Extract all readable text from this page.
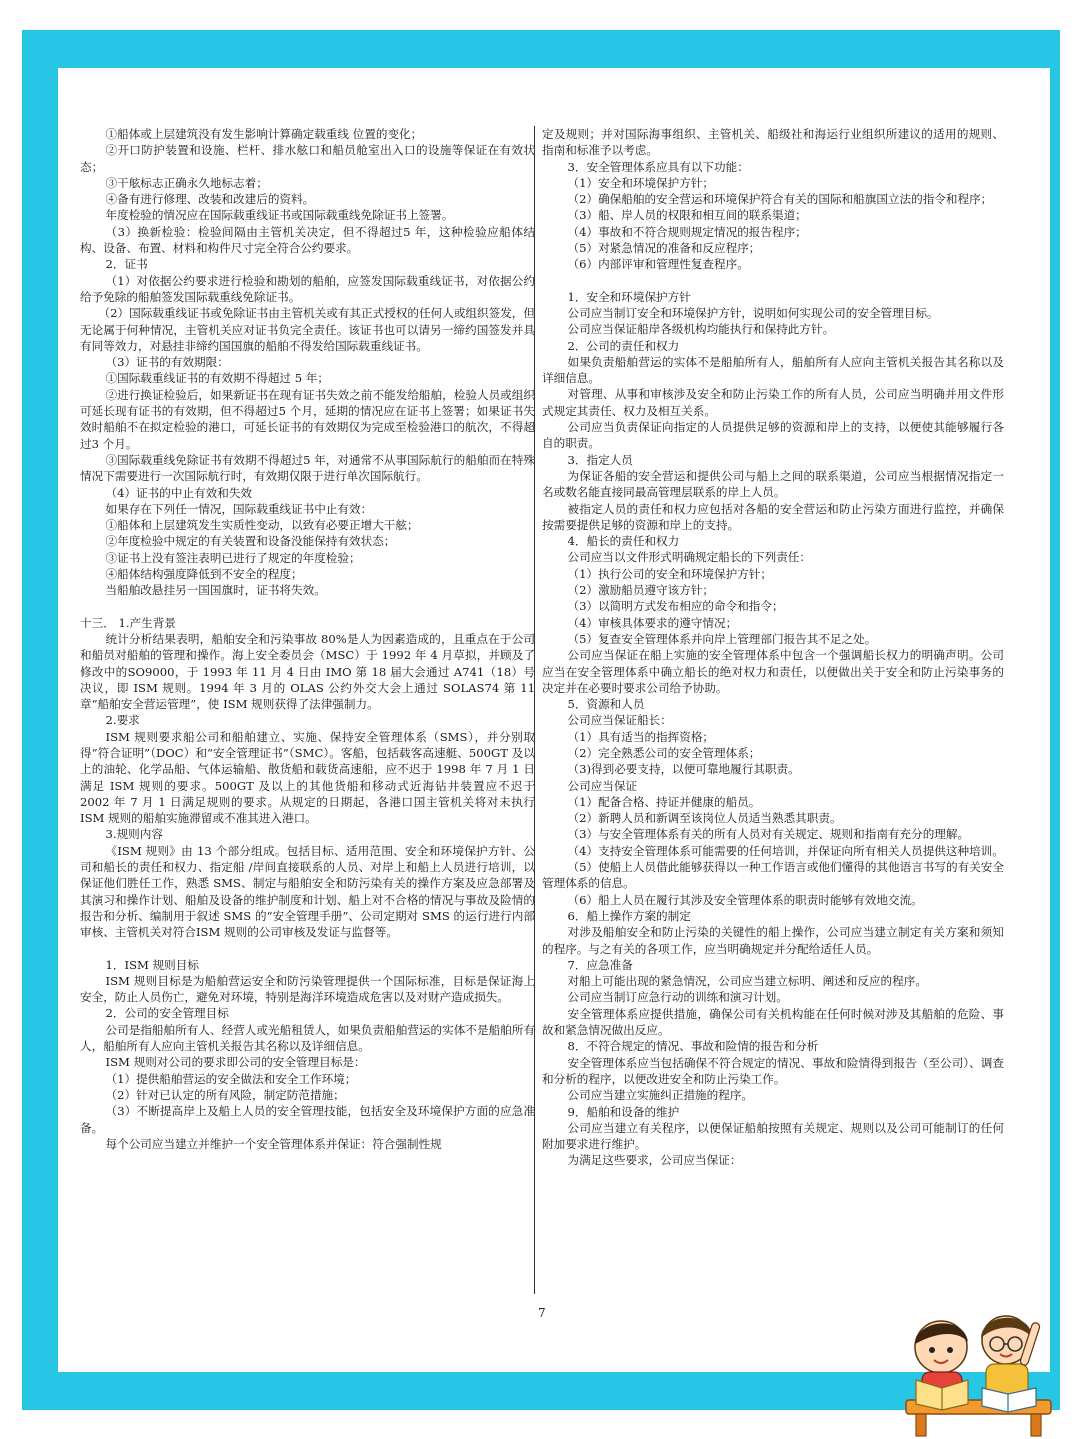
①船体或上层建筑没有发生影响计算确定载重线 位置的变化；

②开口防护装置和设施、栏杆、排水舷口和船员舱室出入口的设施等保证在有效状态；

③干舷标志正确永久地标志着；

④备有进行修理、改装和改建后的资料。

年度检验的情况应在国际载重线证书或国际载重线免除证书上签署。

（3）换新检验：检验间隔由主管机关决定，但不得超过5 年，这种检验应船体结构、设备、布置、材料和构件尺寸完全符合公约要求。

2．证书

（1）对依据公约要求进行检验和勘划的船舶，应签发国际载重线证书，对依据公约给予免除的船舶签发国际载重线免除证书。

（2）国际载重线证书或免除证书由主管机关或有其正式授权的任何人或组织签发，但无论属于何种情况，主管机关应对证书负完全责任。该证书也可以请另一缔约国签发并具有同等效力，对悬挂非缔约国国旗的船舶不得发给国际载重线证书。

（3）证书的有效期限：

①国际载重线证书的有效期不得超过 5 年；

②进行换证检验后，如果新证书在现有证书失效之前不能发给船舶，检验人员或组织可延长现有证书的有效期，但不得超过5 个月，延期的情况应在证书上签署；如果证书失效时船舶不在拟定检验的港口，可延长证书的有效期仅为完成至检验港口的航次，不得超过3 个月。

③国际载重线免除证书有效期不得超过5 年，对通常不从事国际航行的船舶而在特殊情况下需要进行一次国际航行时，有效期仅限于进行单次国际航行。

（4）证书的中止有效和失效

如果存在下列任一情况，国际载重线证书中止有效：

①船体和上层建筑发生实质性变动，以致有必要正增大干舷；

②年度检验中规定的有关装置和设备没能保持有效状态；

③证书上没有签注表明已进行了规定的年度检验；

④船体结构强度降低到不安全的程度；

当船舶改悬挂另一国国旗时，证书将失效。

十三． 1.产生背景

统计分析结果表明，船舶安全和污染事故 80%是人为因素造成的，且重点在于公司和船员对船舶的管理和操作。海上安全委员会（MSC）于 1992 年 4 月草拟，并顾及了修改中的SO9000，于 1993 年 11 月 4 日由 IMO 第 18 届大会通过 A741（18）号决议，即 ISM 规则。1994 年 3 月的 OLAS 公约外交大会上通过 SOLAS74 第 11 章“船舶安全营运管理”，使 ISM 规则获得了法律强制力。

2.要求

ISM 规则要求船公司和船舶建立、实施、保持安全管理体系（SMS），并分别取得“符合证明”（DOC）和“安全管理证书”（SMC）。客船，包括载客高速艇、500GT 及以上的油轮、化学品船、气体运输船、散货船和载货高速船，应不迟于 1998 年 7 月 1 日满足 ISM 规则的要求。500GT 及以上的其他货船和移动式近海钻井装置应不迟于 2002 年 7 月 1 日满足规则的要求。从规定的日期起，各港口国主管机关将对未执行 ISM 规则的船舶实施滞留或不准其进入港口。

3.规则内容

《ISM 规则》由 13 个部分组成。包括目标、适用范围、安全和环境保护方针、公司和船长的责任和权力、指定船 /岸间直接联系的人员、对岸上和船上人员进行培训，以保证他们胜任工作，熟悉 SMS、制定与船舶安全和防污染有关的操作方案及应急部署及其演习和操作计划、船舶及设备的维护制度和计划、船上对不合格的情况与事故及险情的报告和分析、编制用于叙述 SMS 的“安全管理手册”、公司定期对 SMS 的运行进行内部审核、主管机关对符合ISM 规则的公司审核及发证与监督等。

1．ISM 规则目标

ISM 规则目标是为船舶营运安全和防污染管理提供一个国际标准，目标是保证海上安全，防止人员伤亡，避免对环境，特别是海洋环境造成危害以及对财产造成损失。

2．公司的安全管理目标

公司是指船舶所有人、经营人或光船租赁人，如果负责船舶营运的实体不是船舶所有人，船舶所有人应向主管机关报告其名称以及详细信息。

ISM 规则对公司的要求即公司的安全管理目标是：

（1）提供船舶营运的安全做法和安全工作环境；

（2）针对已认定的所有风险，制定防范措施；

（3）不断提高岸上及船上人员的安全管理技能，包括安全及环境保护方面的应急准备。

每个公司应当建立并维护一个安全管理体系并保证：符合强制性规

定及规则；并对国际海事组织、主管机关、船级社和海运行业组织所建议的适用的规则、指南和标准予以考虑。

3．安全管理体系应具有以下功能：

（1）安全和环境保护方针；

（2）确保船舶的安全营运和环境保护符合有关的国际和船旗国立法的指令和程序；

（3）船、岸人员的权限和相互间的联系渠道；

（4）事故和不符合规则规定情况的报告程序；

（5）对紧急情况的准备和反应程序；

（6）内部评审和管理性复查程序。

1．安全和环境保护方针

公司应当制订安全和环境保护方针，说明如何实现公司的安全管理目标。

公司应当保证船岸各级机构均能执行和保持此方针。

2．公司的责任和权力

如果负责船舶营运的实体不是船舶所有人，船舶所有人应向主管机关报告其名称以及详细信息。

对管理、从事和审核涉及安全和防止污染工作的所有人员，公司应当明确并用文件形式规定其责任、权力及相互关系。

公司应当负责保证向指定的人员提供足够的资源和岸上的支持，以便使其能够履行各自的职责。

3．指定人员

为保证各船的安全营运和提供公司与船上之间的联系渠道，公司应当根据情况指定一名或数名能直接同最高管理层联系的岸上人员。

被指定人员的责任和权力应包括对各船的安全营运和防止污染方面进行监控，并确保按需要提供足够的资源和岸上的支持。

4．船长的责任和权力

公司应当以文件形式明确规定船长的下列责任：

（1）执行公司的安全和环境保护方针；

（2）激励船员遵守该方针；

（3）以简明方式发布相应的命令和指令；

（4）审核具体要求的遵守情况；

（5）复查安全管理体系并向岸上管理部门报告其不足之处。

公司应当保证在船上实施的安全管理体系中包含一个强调船长权力的明确声明。公司应当在安全管理体系中确立船长的绝对权力和责任，以便做出关于安全和防止污染事务的决定并在必要时要求公司给予协助。

5．资源和人员

公司应当保证船长：

（1）具有适当的指挥资格；

（2）完全熟悉公司的安全管理体系；

（3)得到必要支持，以便可靠地履行其职责。

公司应当保证

（1）配备合格、持证并健康的船员。

（2）新聘人员和新调至该岗位人员适当熟悉其职责。

（3）与安全管理体系有关的所有人员对有关规定、规则和指南有充分的理解。

（4）支持安全管理体系可能需要的任何培训，并保证向所有相关人员提供这种培训。

（5）使船上人员借此能够获得以一种工作语言或他们懂得的其他语言书写的有关安全管理体系的信息。

（6）船上人员在履行其涉及安全管理体系的职责时能够有效地交流。

6．船上操作方案的制定

对涉及船舶安全和防止污染的关键性的船上操作，公司应当建立制定有关方案和须知的程序。与之有关的各项工作，应当明确规定并分配给适任人员。

7．应急准备

对船上可能出现的紧急情况，公司应当建立标明、阐述和反应的程序。

公司应当制订应急行动的训练和演习计划。

安全管理体系应提供措施，确保公司有关机构能在任何时候对涉及其船舶的危险、事故和紧急情况做出反应。

8．不符合规定的情况、事故和险情的报告和分析

安全管理体系应当包括确保不符合规定的情况、事故和险情得到报告（至公司）、调查和分析的程序，以便改进安全和防止污染工作。

公司应当建立实施纠正措施的程序。

9．船舶和设备的维护

公司应当建立有关程序，以便保证船舶按照有关规定、规则以及公司可能制订的任何附加要求进行维护。

为满足这些要求，公司应当保证：

7
